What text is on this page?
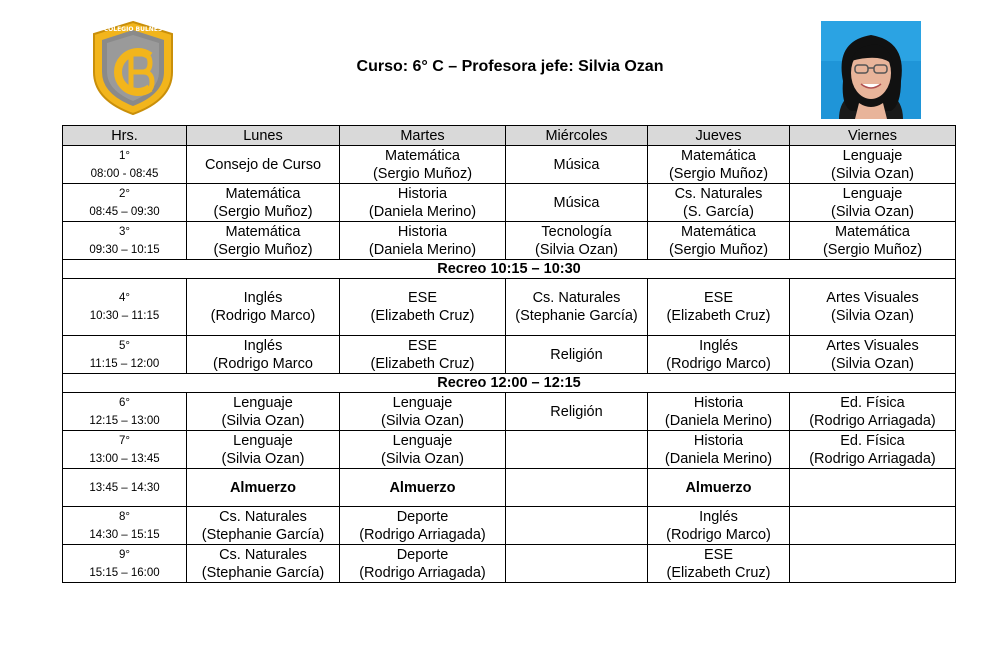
COLEGIO BULNES
Curso: 6° C – Profesora jefe: Silvia Ozan
Hrs.	Lunes	Martes	Miércoles	Jueves	Viernes

1°
08:00 - 08:45	Consejo de Curso	Matemática
(Sergio Muñoz)	Música	Matemática
(Sergio Muñoz)	Lenguaje
(Silvia Ozan)

2°
08:45 – 09:30	Matemática
(Sergio Muñoz)	Historia
(Daniela Merino)	Música	Cs. Naturales
(S. García)	Lenguaje
(Silvia Ozan)

3°
09:30 – 10:15	Matemática
(Sergio Muñoz)	Historia
(Daniela Merino)	Tecnología
(Silvia Ozan)	Matemática
(Sergio Muñoz)	Matemática
(Sergio Muñoz)

Recreo 10:15 – 10:30					

4°
10:30 – 11:15	Inglés
(Rodrigo Marco)	ESE
(Elizabeth Cruz)	Cs. Naturales
(Stephanie García)	ESE
(Elizabeth Cruz)	Artes Visuales
(Silvia Ozan)

5°
11:15 – 12:00	Inglés
(Rodrigo Marco	ESE
(Elizabeth Cruz)	Religión	Inglés
(Rodrigo Marco)	Artes Visuales
(Silvia Ozan)

Recreo 12:00 – 12:15					

6°
12:15 – 13:00	Lenguaje
(Silvia Ozan)	Lenguaje
(Silvia Ozan)	Religión	Historia
(Daniela Merino)	Ed. Física
(Rodrigo Arriagada)

7°
13:00 – 13:45	Lenguaje
(Silvia Ozan)	Lenguaje
(Silvia Ozan)		Historia
(Daniela Merino)	Ed. Física
(Rodrigo Arriagada)

13:45 – 14:30	Almuerzo	Almuerzo		Almuerzo	

8°
14:30 – 15:15	Cs. Naturales
(Stephanie García)	Deporte
(Rodrigo Arriagada)		Inglés
(Rodrigo Marco)	

9°
15:15 – 16:00	Cs. Naturales
(Stephanie García)	Deporte
(Rodrigo Arriagada)		ESE
(Elizabeth Cruz)	
